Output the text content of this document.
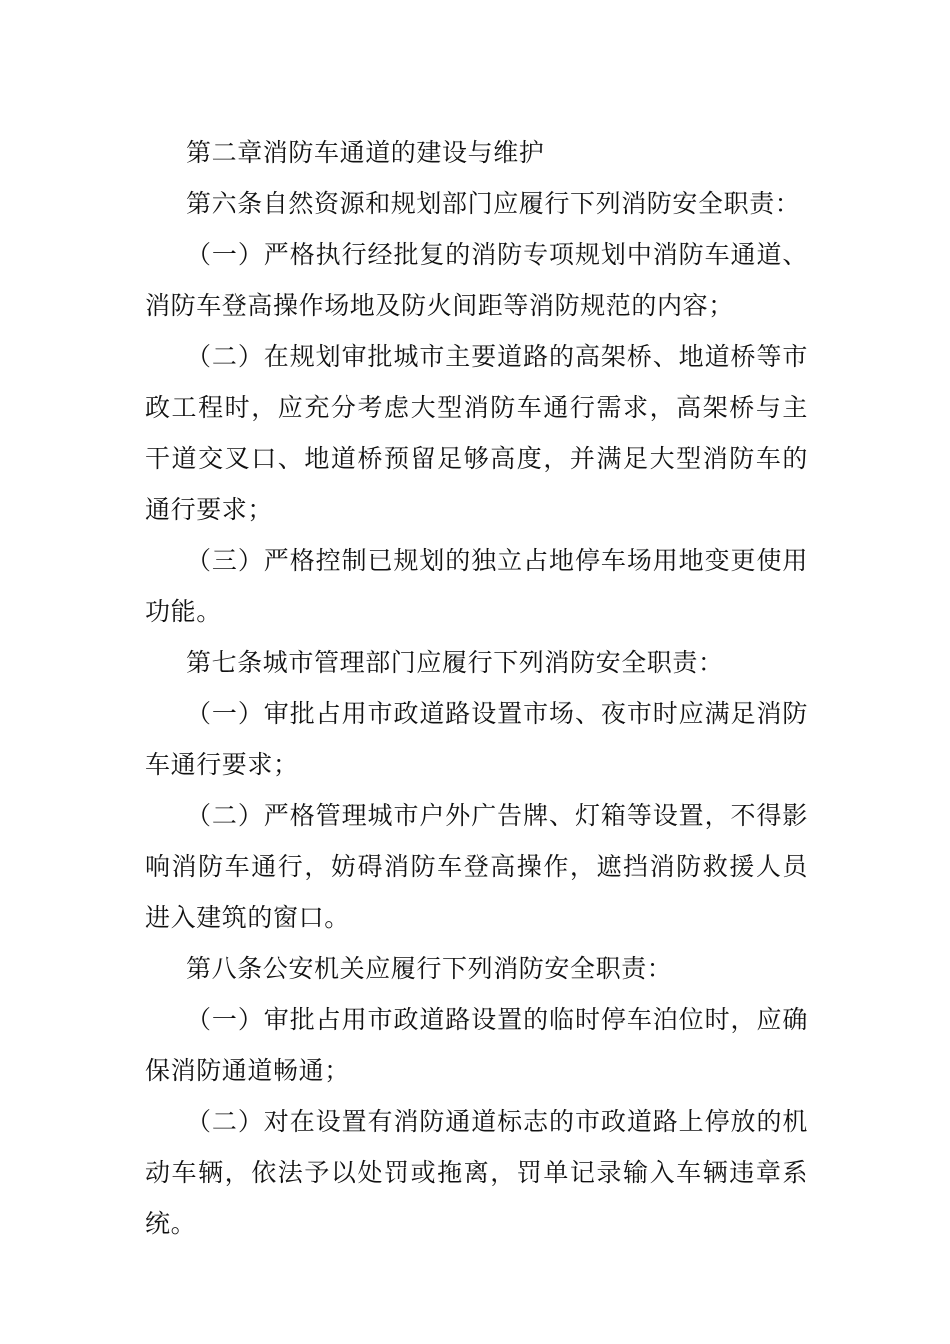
第二章消防车通道的建设与维护

第六条自然资源和规划部门应履行下列消防安全职责：

（一）严格执行经批复的消防专项规划中消防车通道、消防车登高操作场地及防火间距等消防规范的内容；

（二）在规划审批城市主要道路的高架桥、地道桥等市政工程时，应充分考虑大型消防车通行需求，高架桥与主干道交叉口、地道桥预留足够高度，并满足大型消防车的通行要求；

（三）严格控制已规划的独立占地停车场用地变更使用功能。

第七条城市管理部门应履行下列消防安全职责：

（一）审批占用市政道路设置市场、夜市时应满足消防车通行要求；

（二）严格管理城市户外广告牌、灯箱等设置，不得影响消防车通行，妨碍消防车登高操作，遮挡消防救援人员进入建筑的窗口。

第八条公安机关应履行下列消防安全职责：

（一）审批占用市政道路设置的临时停车泊位时，应确保消防通道畅通；

（二）对在设置有消防通道标志的市政道路上停放的机动车辆，依法予以处罚或拖离，罚单记录输入车辆违章系统。
